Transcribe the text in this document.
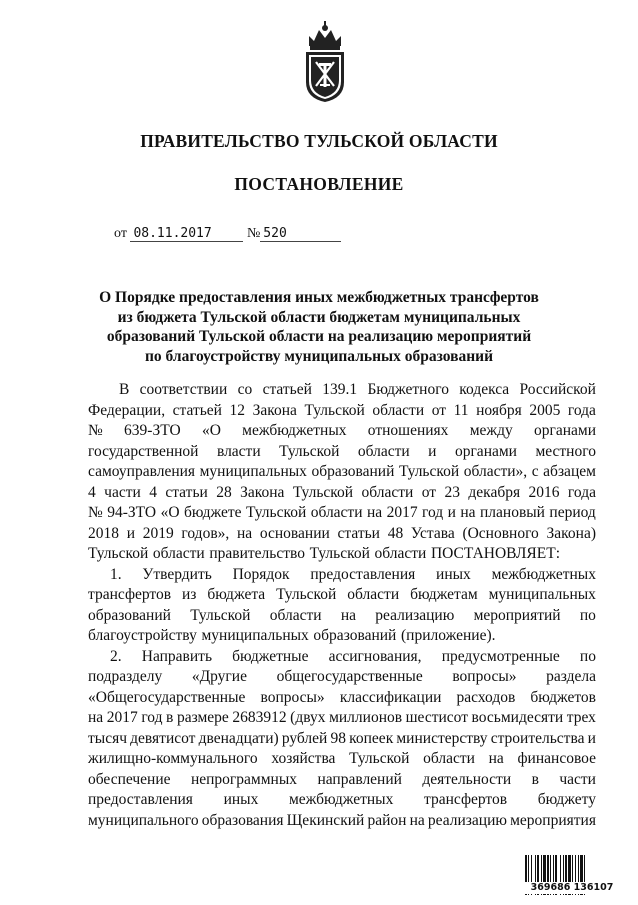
ПРАВИТЕЛЬСТВО ТУЛЬСКОЙ ОБЛАСТИ
ПОСТАНОВЛЕНИЕ
от 08.11.2017	№ 520
О Порядке предоставления иных межбюджетных трансфертов
из бюджета Тульской области бюджетам муниципальных
образований Тульской области на реализацию мероприятий
по благоустройству муниципальных образований
В соответствии со статьей 139.1 Бюджетного кодекса Российской
Федерации, статьей 12 Закона Тульской области от 11 ноября 2005 года
№ 639-ЗТО «О межбюджетных отношениях между органами
государственной власти Тульской области и органами местного
самоуправления муниципальных образований Тульской области», с абзацем
4 части 4 статьи 28 Закона Тульской области от 23 декабря 2016 года
№ 94-ЗТО «О бюджете Тульской области на 2017 год и на плановый период
2018 и 2019 годов», на основании статьи 48 Устава (Основного Закона)
Тульской области правительство Тульской области ПОСТАНОВЛЯЕТ:
1. Утвердить Порядок предоставления иных межбюджетных
трансфертов из бюджета Тульской области бюджетам муниципальных
образований Тульской области на реализацию мероприятий по
благоустройству муниципальных образований (приложение).
2. Направить бюджетные ассигнования, предусмотренные по
подразделу «Другие общегосударственные вопросы» раздела
«Общегосударственные вопросы» классификации расходов бюджетов
на 2017 год в размере 2683912 (двух миллионов шестисот восьмидесяти трех
тысяч девятисот двенадцати) рублей 98 копеек министерству строительства и
жилищно-коммунального хозяйства Тульской области на финансовое
обеспечение непрограммных направлений деятельности в части
предоставления иных межбюджетных трансфертов бюджету
муниципального образования Щекинский район на реализацию мероприятия
369686 136107
